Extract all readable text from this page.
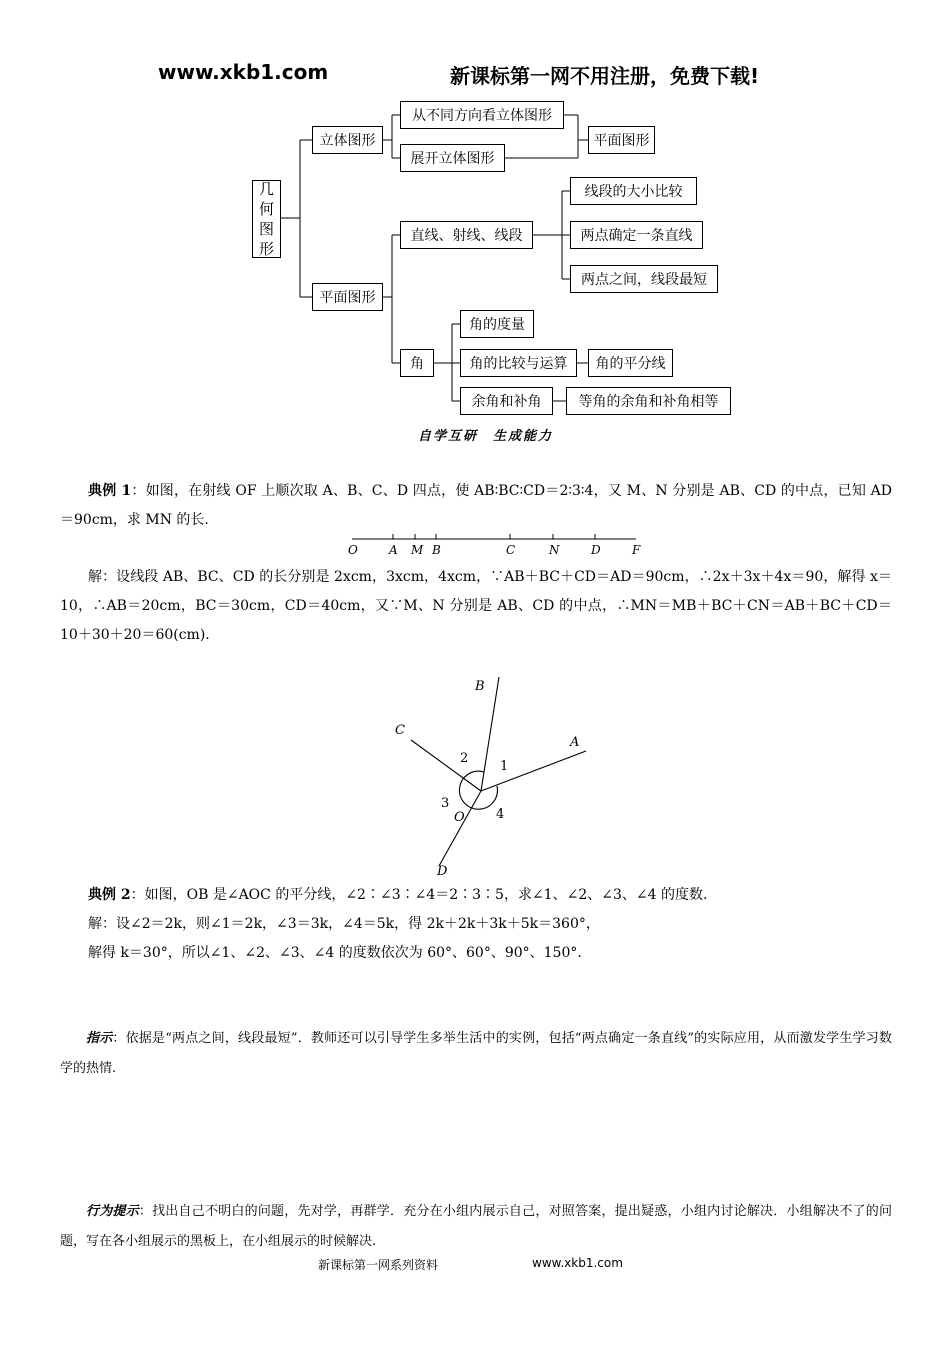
www.xkb1.com	新课标第一网不用注册，免费下载!
几何图形
立体图形
从不同方向看立体图形
展开立体图形
平面图形
平面图形
直线、射线、线段
线段的大小比较
两点确定一条直线
两点之间，线段最短
角
角的度量
角的比较与运算 角的平分线
余角和补角	等角的余角和补角相等
自学互研　生成能力

典例 1：如图，在射线 OF 上顺次取 A、B、C、D 四点，使 AB∶BC∶CD＝2∶3∶4，又 M、N 分别是 AB、CD 的中点，已知 AD＝90cm，求 MN 的长.

O	A M B	C	N	D	F

解：设线段 AB、BC、CD 的长分别是 2xcm，3xcm，4xcm，∵AB＋BC＋CD＝AD＝90cm，∴2x＋3x＋4x＝90，解得 x＝10，∴AB＝20cm，BC＝30cm，CD＝40cm，又∵M、N 分别是 AB、CD 的中点，∴MN＝MB＋BC＋CN＝AB＋BC＋CD＝10＋30＋20＝60(cm).

B
A
C
D
O
1
2
3
4

典例 2：如图，OB 是∠AOC 的平分线，∠2∶∠3∶∠4＝2∶3∶5，求∠1、∠2、∠3、∠4 的度数.

解：设∠2＝2k，则∠1＝2k，∠3＝3k，∠4＝5k，得 2k＋2k＋3k＋5k＝360°，

解得 k＝30°，所以∠1、∠2、∠3、∠4 的度数依次为 60°、60°、90°、150°.

指示：依据是“两点之间，线段最短”．教师还可以引导学生多举生活中的实例，包括“两点确定一条直线”的实际应用，从而激发学生学习数学的热情.

行为提示：找出自己不明白的问题，先对学，再群学．充分在小组内展示自己，对照答案，提出疑惑，小组内讨论解决．小组解决不了的问题，写在各小组展示的黑板上，在小组展示的时候解决.

新课标第一网系列资料	www.xkb1.com
